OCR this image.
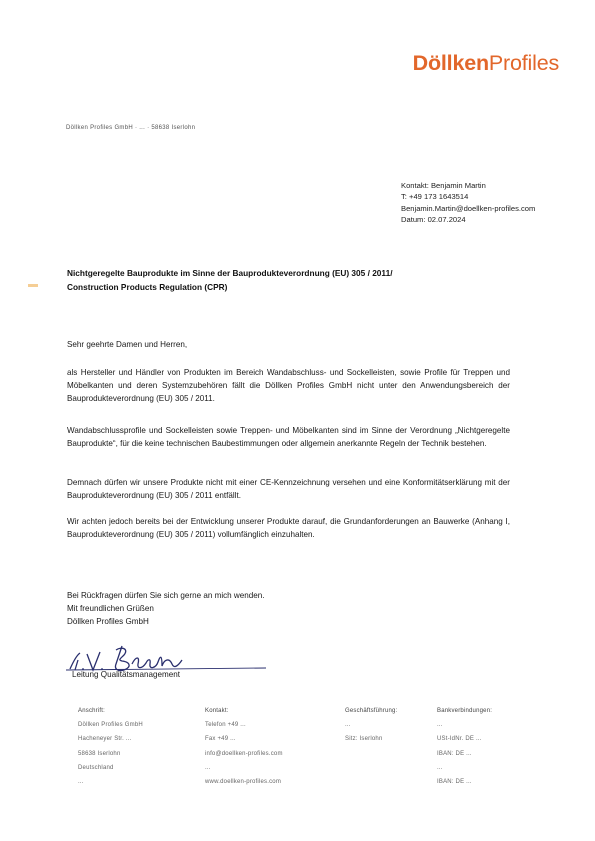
DöllkenProfiles
Döllken Profiles GmbH · ... · 58638 Iserlohn
Kontakt: Benjamin Martin
T: +49 173 1643514
Benjamin.Martin@doellken-profiles.com
Datum: 02.07.2024
Nichtgeregelte Bauprodukte im Sinne der Bauprodukteverordnung (EU) 305 / 2011/
Construction Products Regulation (CPR)
Sehr geehrte Damen und Herren,
als Hersteller und Händler von Produkten im Bereich Wandabschluss- und Sockelleisten, sowie Profile für Treppen und Möbelkanten und deren Systemzubehören fällt die Döllken Profiles GmbH nicht unter den Anwendungsbereich der Bauprodukteverordnung (EU) 305 / 2011.
Wandabschlussprofile und Sockelleisten sowie Treppen- und Möbelkanten sind im Sinne der Verordnung „Nichtgeregelte Bauprodukte“, für die keine technischen Baubestimmungen oder allgemein anerkannte Regeln der Technik bestehen.
Demnach dürfen wir unsere Produkte nicht mit einer CE-Kennzeichnung versehen und eine Konformitätserklärung mit der Bauprodukteverordnung (EU) 305 / 2011 entfällt.
Wir achten jedoch bereits bei der Entwicklung unserer Produkte darauf, die Grundanforderungen an Bauwerke (Anhang I, Bauprodukteverordnung (EU) 305 / 2011) vollumfänglich einzuhalten.
Bei Rückfragen dürfen Sie sich gerne an mich wenden.
Mit freundlichen Grüßen
Döllken Profiles GmbH
Leitung Qualitätsmanagement
Anschrift:
Döllken Profiles GmbH
Hacheneyer Str. ...
58638 Iserlohn
Deutschland
...
Kontakt:
Telefon +49 ...
Fax +49 ...
info@doellken-profiles.com
...
www.doellken-profiles.com
Geschäftsführung:
...
Sitz: Iserlohn
Bankverbindungen:
...
USt-IdNr. DE ...
IBAN: DE ...
...
IBAN: DE ...
